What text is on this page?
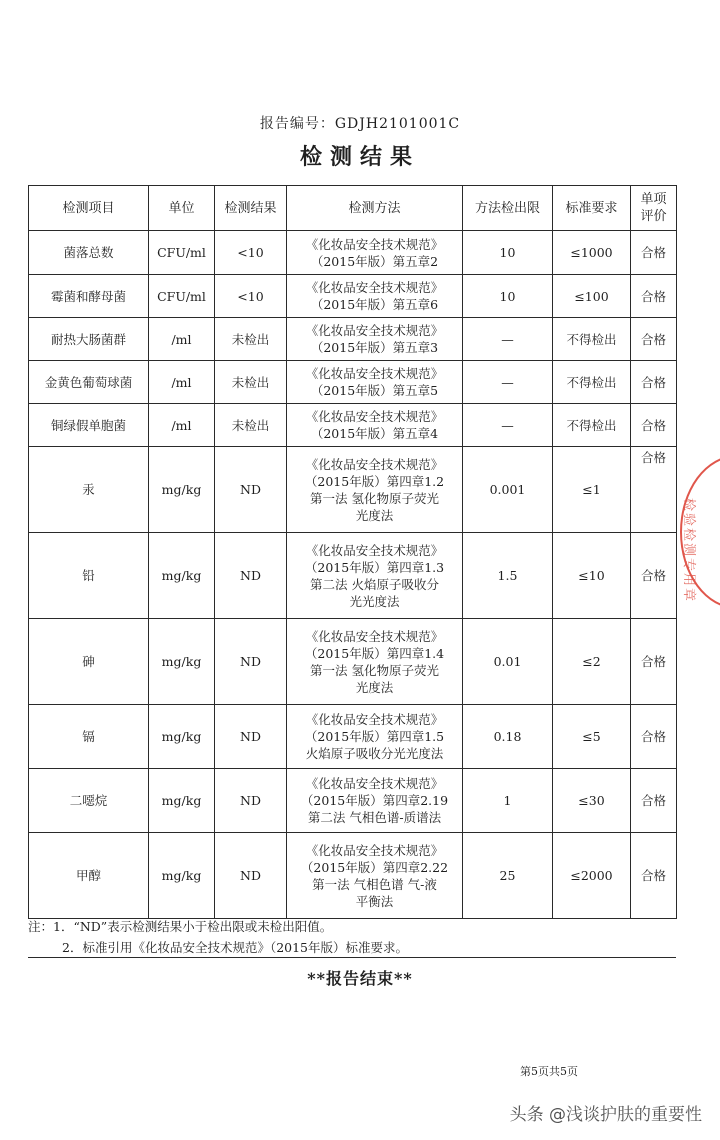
报告编号：GDJH2101001C
检测结果
检测项目	单位	检测结果	检测方法	方法检出限	标准要求	单项
评价
菌落总数	CFU/ml	<10	《化妆品安全技术规范》
（2015年版）第五章2	10	≤1000	合格
霉菌和酵母菌	CFU/ml	<10	《化妆品安全技术规范》
（2015年版）第五章6	10	≤100	合格
耐热大肠菌群	/ml	未检出	《化妆品安全技术规范》
（2015年版）第五章3	—	不得检出	合格
金黄色葡萄球菌	/ml	未检出	《化妆品安全技术规范》
（2015年版）第五章5	—	不得检出	合格
铜绿假单胞菌	/ml	未检出	《化妆品安全技术规范》
（2015年版）第五章4	—	不得检出	合格
汞	mg/kg	ND	《化妆品安全技术规范》
（2015年版）第四章1.2
第一法 氢化物原子荧光
光度法	0.001	≤1	合格
铅	mg/kg	ND	《化妆品安全技术规范》
（2015年版）第四章1.3
第二法 火焰原子吸收分
光光度法	1.5	≤10	合格
砷	mg/kg	ND	《化妆品安全技术规范》
（2015年版）第四章1.4
第一法 氢化物原子荧光
光度法	0.01	≤2	合格
镉	mg/kg	ND	《化妆品安全技术规范》
（2015年版）第四章1.5
火焰原子吸收分光光度法	0.18	≤5	合格
二噁烷	mg/kg	ND	《化妆品安全技术规范》
（2015年版）第四章2.19
第二法 气相色谱-质谱法	1	≤30	合格
甲醇	mg/kg	ND	《化妆品安全技术规范》
（2015年版）第四章2.22
第一法 气相色谱 气-液
平衡法	25	≤2000	合格
注：1．“ND”表示检测结果小于检出限或未检出阳值。
2．标准引用《化妆品安全技术规范》（2015年版）标准要求。
**报告结束**
第5页共5页
头条 @浅谈护肤的重要性
检验检测专用章
